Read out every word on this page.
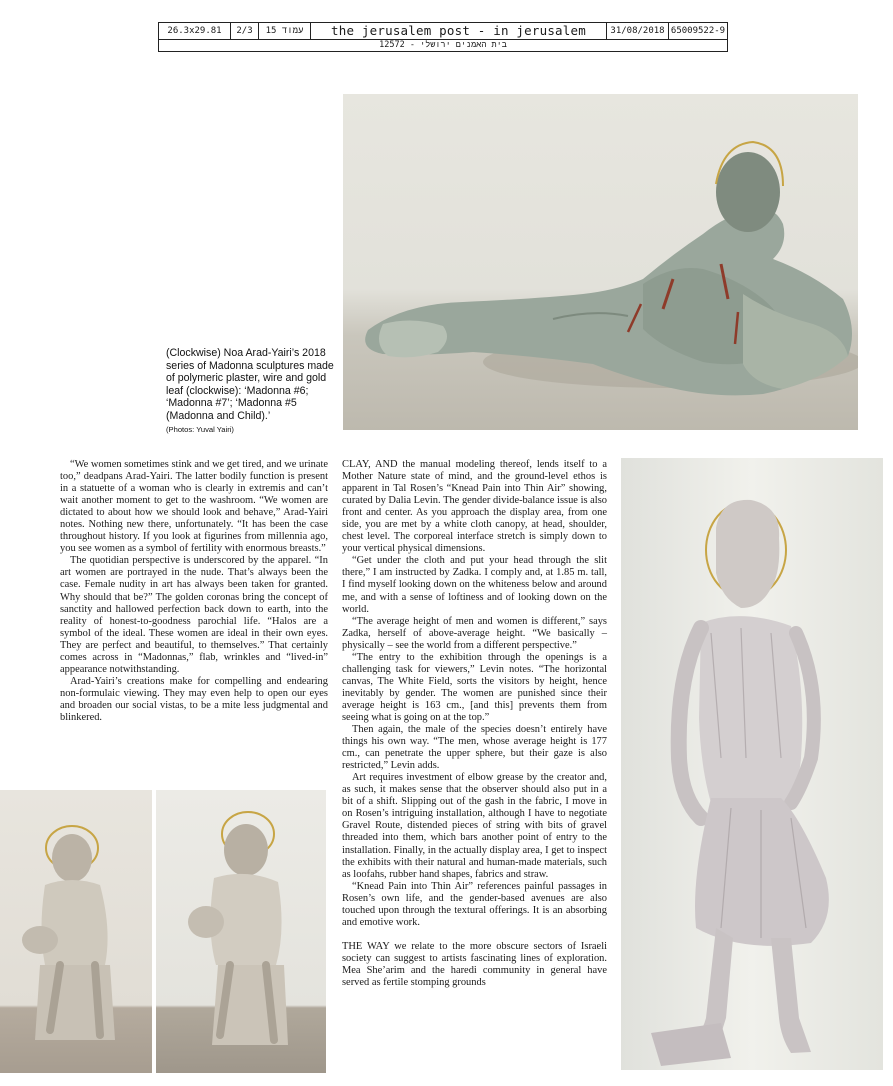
26.3x29.81	2/3	עמוד 15	the jerusalem post - in jerusalem	31/08/2018 65009522-9
בית האמנים ירושלי - 12572
(Clockwise) Noa Arad-Yairi’s 2018 series of Madonna sculptures made of polymeric plaster, wire and gold leaf (clockwise): ‘Madonna #6; ‘Madonna #7’; ‘Madonna #5 (Madonna and Child).’
(Photos: Yuval Yairi)

“We women sometimes stink and we get tired, and we urinate too,” deadpans Arad-Yairi. The latter bodily function is present in a statuette of a woman who is clearly in extremis and can’t wait another moment to get to the washroom. “We women are dictated to about how we should look and behave,” Arad-Yairi notes. Nothing new there, unfortunately. “It has been the case throughout history. If you look at figurines from millennia ago, you see women as a symbol of fertility with enormous breasts.”

The quotidian perspective is underscored by the apparel. “In art women are portrayed in the nude. That’s always been the case. Female nudity in art has always been taken for granted. Why should that be?” The golden coronas bring the concept of sanctity and hallowed perfection back down to earth, into the reality of honest-to-goodness parochial life. “Halos are a symbol of the ideal. These women are ideal in their own eyes. They are perfect and beautiful, to themselves.” That certainly comes across in “Madonnas,” flab, wrinkles and “lived-in” appearance notwithstanding.

Arad-Yairi’s creations make for compelling and endearing non-formulaic viewing. They may even help to open our eyes and broaden our social vistas, to be a mite less judgmental and blinkered.

CLAY, AND the manual modeling thereof, lends itself to a Mother Nature state of mind, and the ground-level ethos is apparent in Tal Rosen’s “Knead Pain into Thin Air” showing, curated by Dalia Levin. The gender divide-balance issue is also front and center. As you approach the display area, from one side, you are met by a white cloth canopy, at head, shoulder, chest level. The corporeal interface stretch is simply down to your vertical physical dimensions.

“Get under the cloth and put your head through the slit there,” I am instructed by Zadka. I comply and, at 1.85 m. tall, I find myself looking down on the whiteness below and around me, and with a sense of loftiness and of looking down on the world.

“The average height of men and women is different,” says Zadka, herself of above-average height. “We basically – physically – see the world from a different perspective.”

“The entry to the exhibition through the openings is a challenging task for viewers,” Levin notes. “The horizontal canvas, The White Field, sorts the visitors by height, hence inevitably by gender. The women are punished since their average height is 163 cm., [and this] prevents them from seeing what is going on at the top.”

Then again, the male of the species doesn’t entirely have things his own way. “The men, whose average height is 177 cm., can penetrate the upper sphere, but their gaze is also restricted,” Levin adds.

Art requires investment of elbow grease by the creator and, as such, it makes sense that the observer should also put in a bit of a shift. Slipping out of the gash in the fabric, I move in on Rosen’s intriguing installation, although I have to negotiate Gravel Route, distended pieces of string with bits of gravel threaded into them, which bars another point of entry to the installation. Finally, in the actually display area, I get to inspect the exhibits with their natural and human-made materials, such as loofahs, rubber hand shapes, fabrics and straw.

“Knead Pain into Thin Air” references painful passages in Rosen’s own life, and the gender-based avenues are also touched upon through the textural offerings. It is an absorbing and emotive work.

THE WAY we relate to the more obscure sectors of Israeli society can suggest to artists fascinating lines of exploration. Mea She’arim and the haredi community in general have served as fertile stomping grounds
